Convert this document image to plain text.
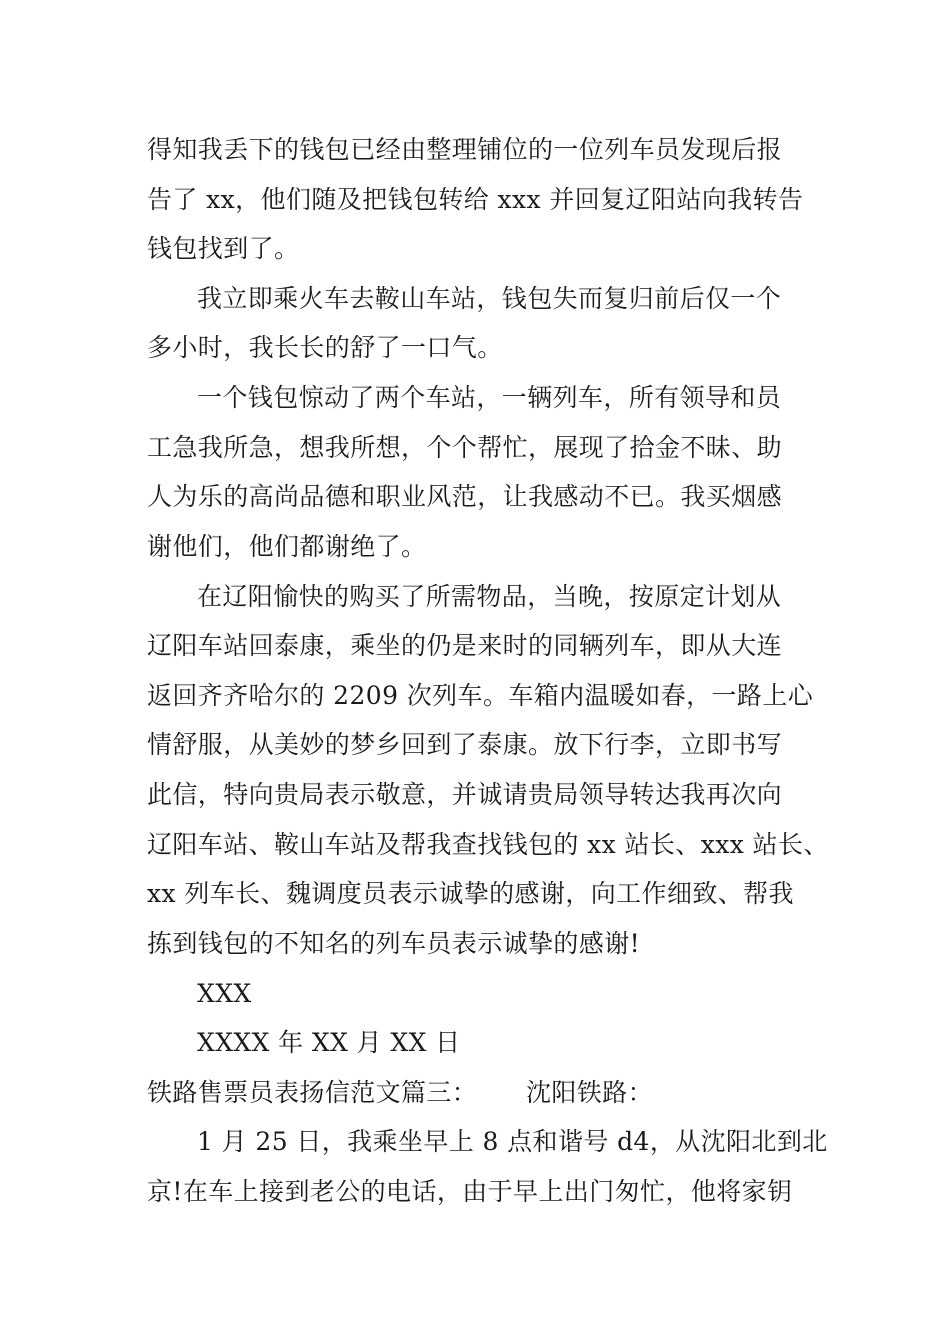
得知我丢下的钱包已经由整理铺位的一位列车员发现后报
告了 xx，他们随及把钱包转给 xxx 并回复辽阳站向我转告
钱包找到了。
我立即乘火车去鞍山车站，钱包失而复归前后仅一个
多小时，我长长的舒了一口气。
一个钱包惊动了两个车站，一辆列车，所有领导和员
工急我所急，想我所想，个个帮忙，展现了拾金不昧、助
人为乐的高尚品德和职业风范，让我感动不已。我买烟感
谢他们，他们都谢绝了。
在辽阳愉快的购买了所需物品，当晚，按原定计划从
辽阳车站回泰康，乘坐的仍是来时的同辆列车，即从大连
返回齐齐哈尔的 2209 次列车。车箱内温暖如春，一路上心
情舒服，从美妙的梦乡回到了泰康。放下行李，立即书写
此信，特向贵局表示敬意，并诚请贵局领导转达我再次向
辽阳车站、鞍山车站及帮我查找钱包的 xx 站长、xxx 站长、
xx 列车长、魏调度员表示诚挚的感谢，向工作细致、帮我
拣到钱包的不知名的列车员表示诚挚的感谢!
XXX
XXXX 年 XX 月 XX 日
铁路售票员表扬信范文篇三： 沈阳铁路：
1 月 25 日，我乘坐早上 8 点和谐号 d4，从沈阳北到北
京!在车上接到老公的电话，由于早上出门匆忙，他将家钥
